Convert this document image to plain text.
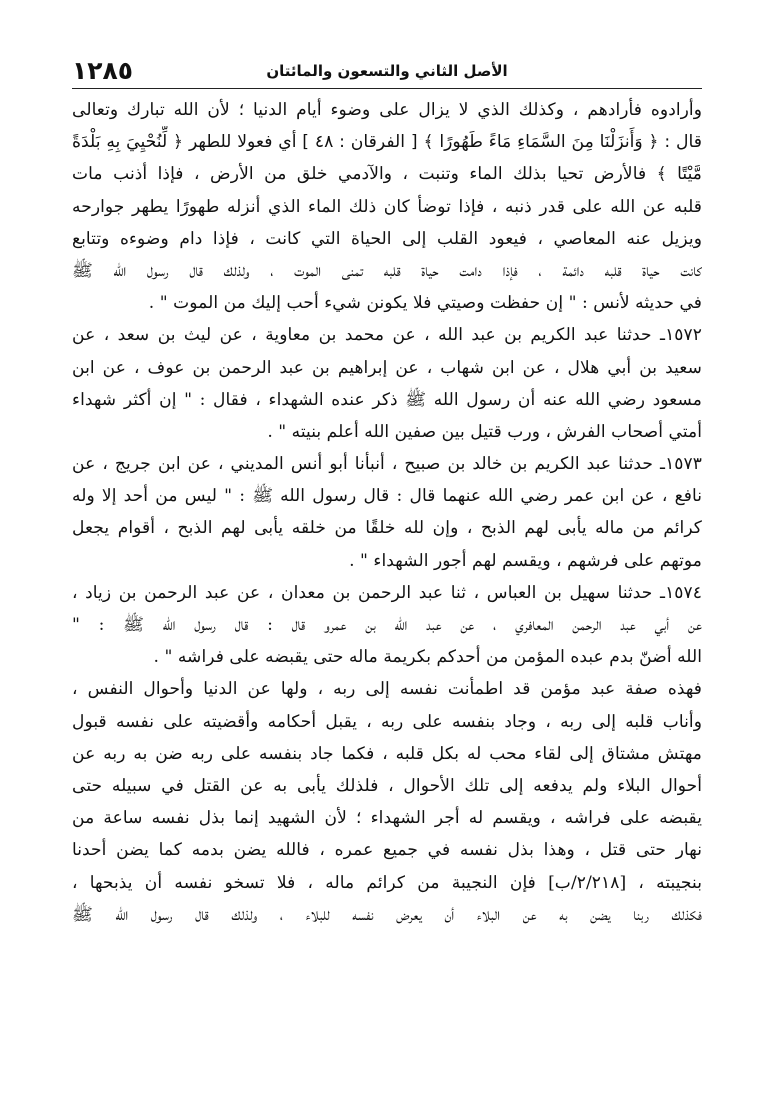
١٢٨٥	الأصل الثاني والتسعون والمائتان
وأرادوه فأرادهم ، وكذلك الذي لا يزال على وضوء أيام الدنيا ؛ لأن الله تبارك وتعالى
قال : ﴿ وَأَنزَلْنَا مِنَ السَّمَاءِ مَاءً طَهُورًا ﴾ [ الفرقان : ٤٨ ] أي فعولا للطهر ﴿ لِّنُحْيِيَ بِهِ بَلْدَةً
مَّيْتًا ﴾ فالأرض تحيا بذلك الماء وتنبت ، والآدمي خلق من الأرض ، فإذا أذنب مات
قلبه عن الله على قدر ذنبه ، فإذا توضأ كان ذلك الماء الذي أنزله طهورًا يطهر جوارحه
ويزيل عنه المعاصي ، فيعود القلب إلى الحياة التي كانت ، فإذا دام وضوءه وتتابع
كانت حياة قلبه دائمة ، فإذا دامت حياة قلبه تمنى الموت ، ولذلك قال رسول الله ﷺ
في حديثه لأنس : " إن حفظت وصيتي فلا يكونن شيء أحب إليك من الموت " .
١٥٧٢ـ حدثنا عبد الكريم بن عبد الله ، عن محمد بن معاوية ، عن ليث بن سعد ، عن
سعيد بن أبي هلال ، عن ابن شهاب ، عن إبراهيم بن عبد الرحمن بن عوف ، عن ابن
مسعود رضي الله عنه أن رسول الله ﷺ ذكر عنده الشهداء ، فقال : " إن أكثر شهداء
أمتي أصحاب الفرش ، ورب قتيل بين صفين الله أعلم بنيته " .
١٥٧٣ـ حدثنا عبد الكريم بن خالد بن صبيح ، أنبأنا أبو أنس المديني ، عن ابن جريج ، عن
نافع ، عن ابن عمر رضي الله عنهما قال : قال رسول الله ﷺ : " ليس من أحد إلا وله
كرائم من ماله يأبى لهم الذبح ، وإن لله خلقًا من خلقه يأبى لهم الذبح ، أقوام يجعل
موتهم على فرشهم ، ويقسم لهم أجور الشهداء " .
١٥٧٤ـ حدثنا سهيل بن العباس ، ثنا عبد الرحمن بن معدان ، عن عبد الرحمن بن زياد ،
عن أبي عبد الرحمن المعافري ، عن عبد الله بن عمرو قال : قال رسول الله ﷺ : "
الله أضنّ بدم عبده المؤمن من أحدكم بكريمة ماله حتى يقبضه على فراشه " .
فهذه صفة عبد مؤمن قد اطمأنت نفسه إلى ربه ، ولها عن الدنيا وأحوال النفس ،
وأناب قلبه إلى ربه ، وجاد بنفسه على ربه ، يقبل أحكامه وأقضيته على نفسه قبول
مهتش مشتاق إلى لقاء محب له بكل قلبه ، فكما جاد بنفسه على ربه ضن به ربه عن
أحوال البلاء ولم يدفعه إلى تلك الأحوال ، فلذلك يأبى به عن القتل في سبيله حتى
يقبضه على فراشه ، ويقسم له أجر الشهداء ؛ لأن الشهيد إنما بذل نفسه ساعة من
نهار حتى قتل ، وهذا بذل نفسه في جميع عمره ، فالله يضن بدمه كما يضن أحدنا
بنجيبته ، [٢/٢١٨/ب] فإن النجيبة من كرائم ماله ، فلا تسخو نفسه أن يذبحها ،
فكذلك ربنا يضن به عن البلاء أن يعرض نفسه للبلاء ، ولذلك قال رسول الله ﷺ
